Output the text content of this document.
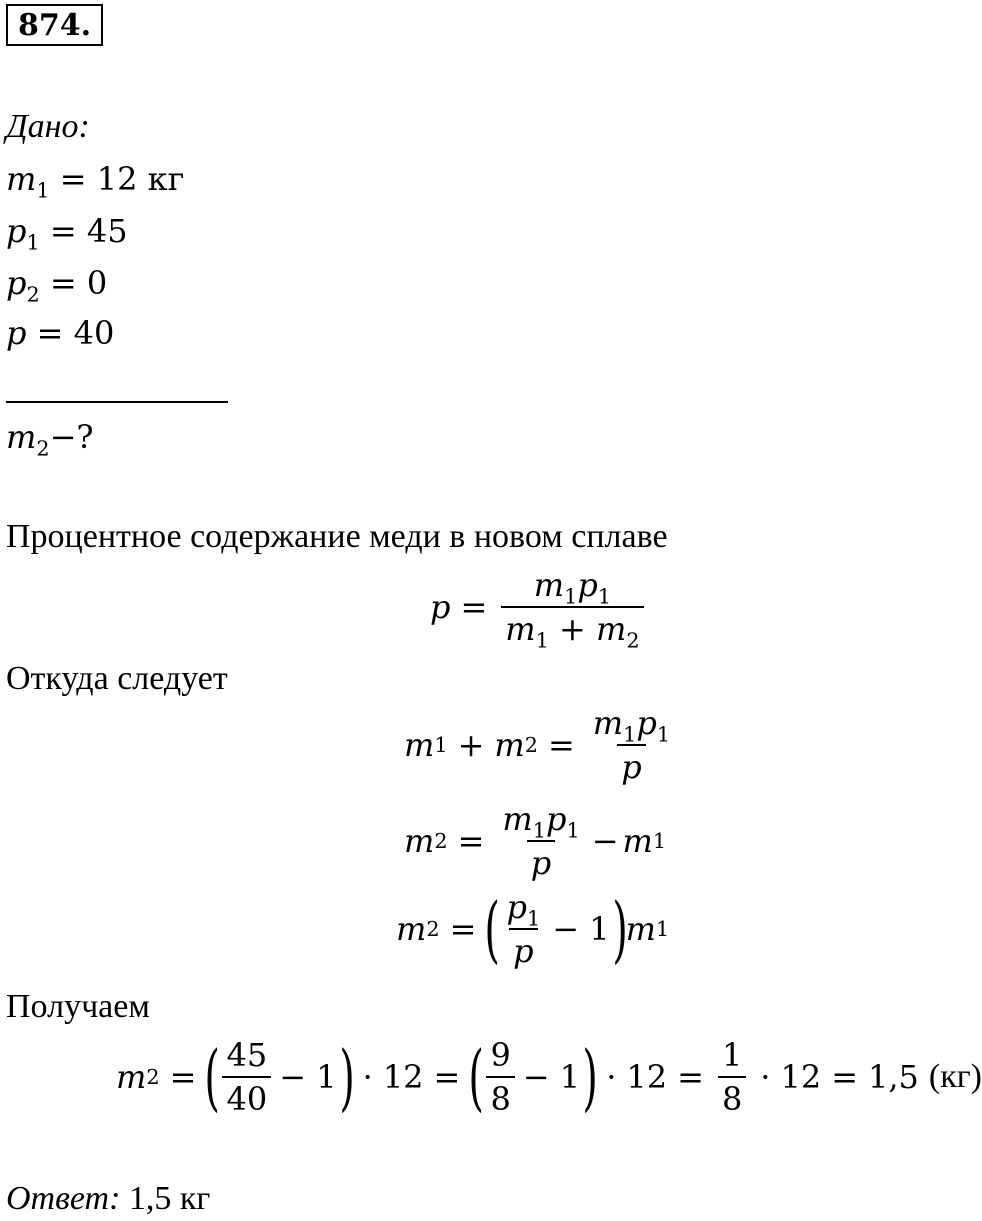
874.
Дано:
$m_1 = 12$ кг
$p_1 = 45$
$p_2 = 0$
p = 40
$m_2-$?
Процентное содержание меди в новом сплаве
$p = \frac{m_1p_1}{m_1 + m_2}$
Откуда следует
m 1 + m $2 = \frac{m_1p_1}{p}$
m $2 = \frac{m_1p_1}{p} - m$ 1
m 2 = ( $\frac{p_1}{p} - 1$ )
m 1
Получаем
m 2 = ( $\frac{45}{40} - 1$ ) · 12 = ( $\frac{9}{8} - 1$ ) · $12 = \frac{1}{8} \cdot 12 = 1,5$ (кг)
Ответ: 1,5 кг
